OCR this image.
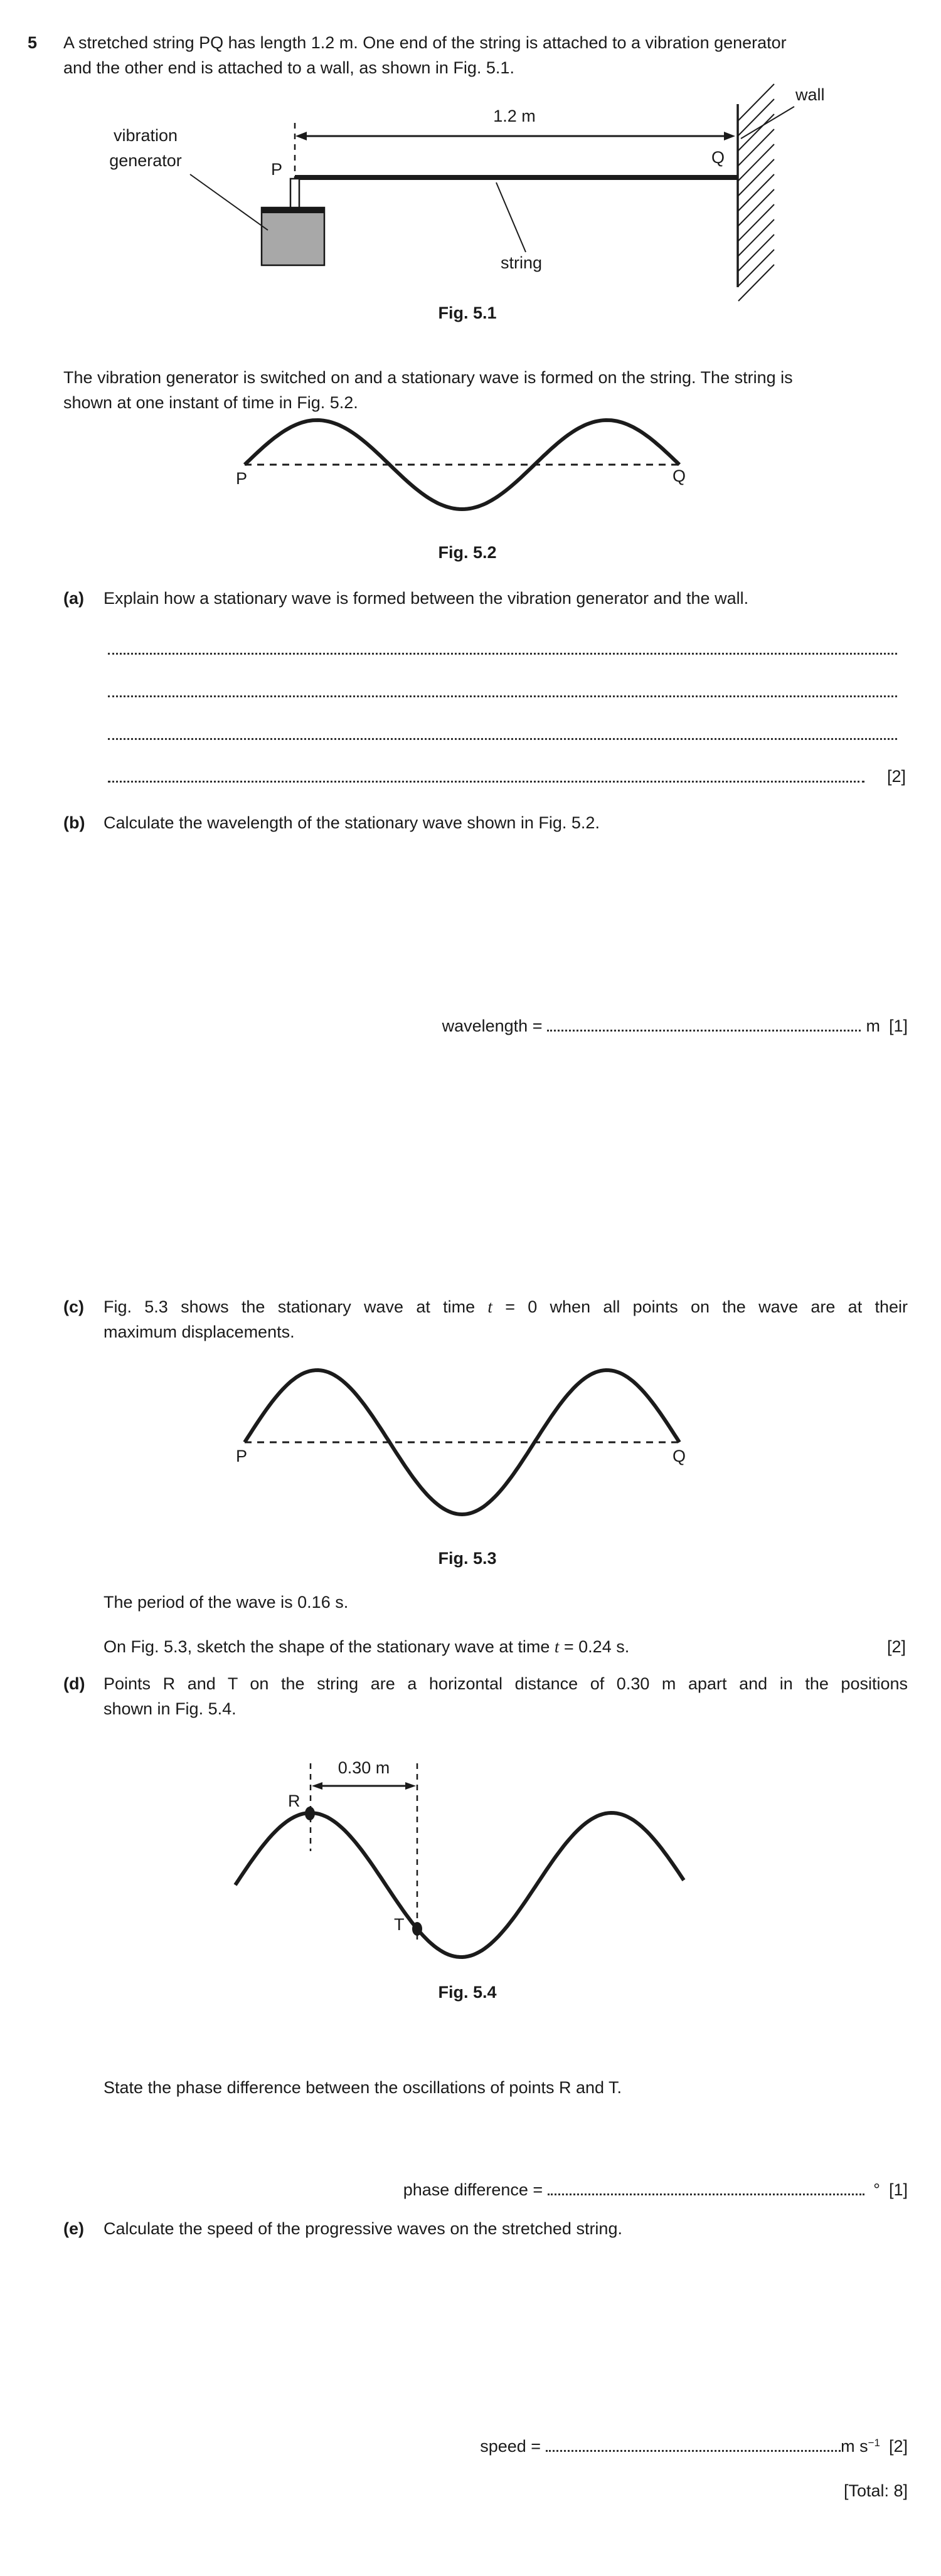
5 A stretched string PQ has length 1.2 m. One end of the string is attached to a vibration generator
and the other end is attached to a wall, as shown in Fig. 5.1.
wall
1.2 m
P
Q
vibration
generator
string
Fig. 5.1
The vibration generator is switched on and a stationary wave is formed on the string. The string is
shown at one instant of time in Fig. 5.2.
P	Q
Fig. 5.2
(a) Explain how a stationary wave is formed between the vibration generator and the wall.
[2]
(b) Calculate the wavelength of the stationary wave shown in Fig. 5.2.
wavelength =	m [1]
(c) Fig. 5.3 shows the stationary wave at time t = 0 when all points on the wave are at their
maximum displacements.
P	Q
Fig. 5.3
The period of the wave is 0.16 s.
On Fig. 5.3, sketch the shape of the stationary wave at time t = 0.24 s.	[2]
(d) Points R and T on the string are a horizontal distance of 0.30 m apart and in the positions
shown in Fig. 5.4.
0.30 m
R
T
Fig. 5.4
State the phase difference between the oscillations of points R and T.
phase difference =	° [1]
(e) Calculate the speed of the progressive waves on the stretched string.
speed =	m $s^{-1}$ [2]
[Total: 8]
